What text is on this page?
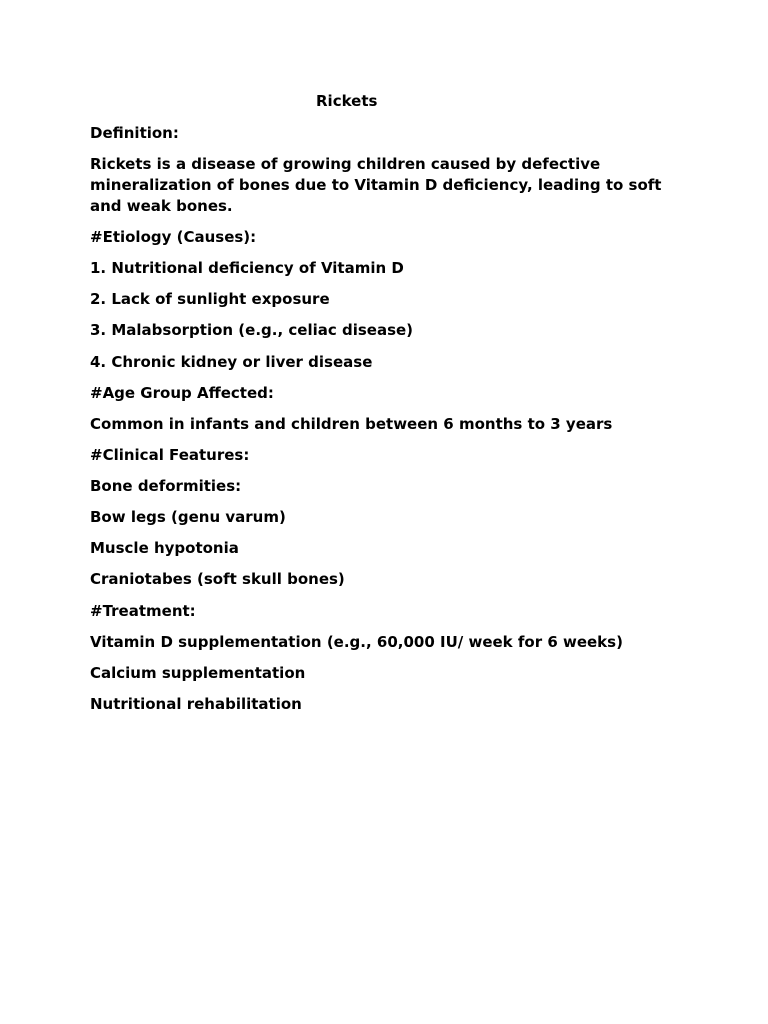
Rickets
Definition:
Rickets is a disease of growing children caused by defective mineralization of bones due to Vitamin D deficiency, leading to soft and weak bones.
#Etiology (Causes):
1. Nutritional deficiency of Vitamin D
2. Lack of sunlight exposure
3. Malabsorption (e.g., celiac disease)
4. Chronic kidney or liver disease
#Age Group Affected:
Common in infants and children between 6 months to 3 years
#Clinical Features:
Bone deformities:
Bow legs (genu varum)
Muscle hypotonia
Craniotabes (soft skull bones)
#Treatment:
Vitamin D supplementation (e.g., 60,000 IU/ week for 6 weeks)
Calcium supplementation
Nutritional rehabilitation
